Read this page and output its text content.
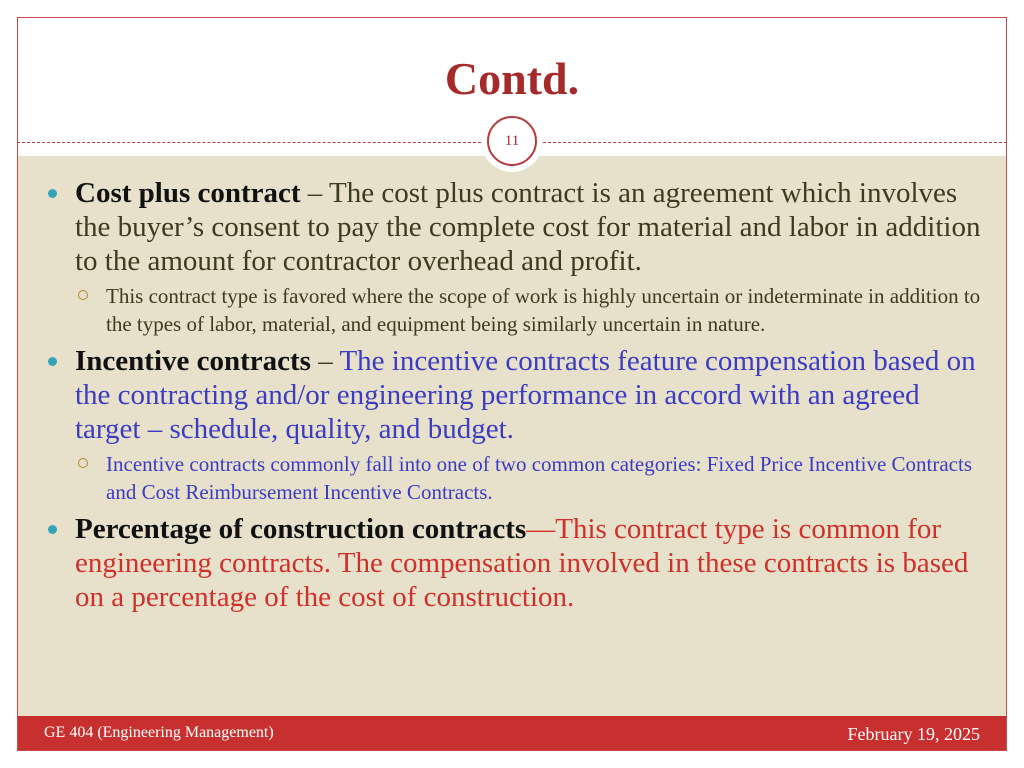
Contd.
11
Cost plus contract – The cost plus contract is an agreement which involves the buyer’s consent to pay the complete cost for material and labor in addition to the amount for contractor overhead and profit.
This contract type is favored where the scope of work is highly uncertain or indeterminate in addition to the types of labor, material, and equipment being similarly uncertain in nature.
Incentive contracts – The incentive contracts feature compensation based on the contracting and/or engineering performance in accord with an agreed target – schedule, quality, and budget.
Incentive contracts commonly fall into one of two common categories: Fixed Price Incentive Contracts and Cost Reimbursement Incentive Contracts.
Percentage of construction contracts—This contract type is common for engineering contracts. The compensation involved in these contracts is based on a percentage of the cost of construction.
GE 404 (Engineering Management)	February 19, 2025
